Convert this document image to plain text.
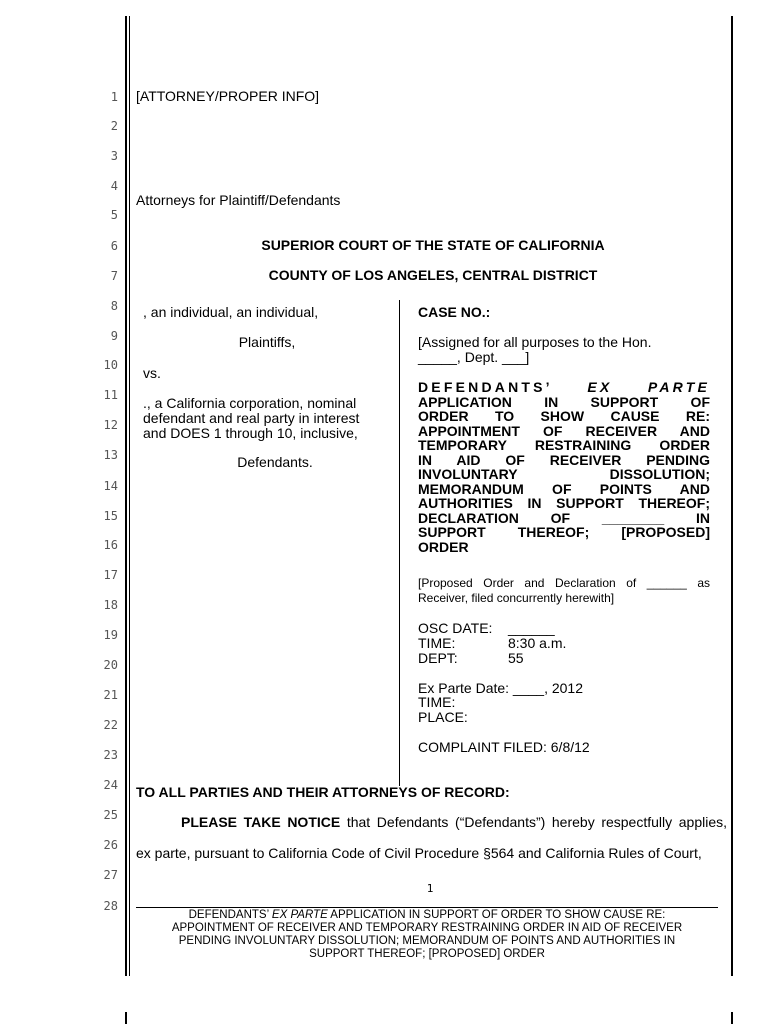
1
2
3
4
5
6
7
8
9
10
11
12
13
14
15
16
17
18
19
20
21
22
23
24
25
26
27
28
[ATTORNEY/PROPER INFO]
Attorneys for Plaintiff/Defendants
SUPERIOR COURT OF THE STATE OF CALIFORNIA
COUNTY OF LOS ANGELES, CENTRAL DISTRICT
, an individual, an individual,
Plaintiffs,
vs.
., a California corporation, nominal
defendant and real party in interest
and DOES 1 through 10, inclusive,
Defendants.
CASE NO.:
[Assigned for all purposes to the Hon.
_____, Dept. ___]
DEFENDANTS’	EX PARTE
APPLICATION IN SUPPORT OF
ORDER TO SHOW CAUSE RE:
APPOINTMENT OF RECEIVER AND
TEMPORARY RESTRAINING ORDER
IN AID OF RECEIVER PENDING
INVOLUNTARY DISSOLUTION;
MEMORANDUM OF POINTS AND
AUTHORITIES IN SUPPORT THEREOF;
DECLARATION OF ________ IN
SUPPORT THEREOF; [PROPOSED]
ORDER
[Proposed Order and Declaration of ______ as
Receiver, filed concurrently herewith]
OSC DATE: ______
TIME:	8:30 a.m.
DEPT:	55
Ex Parte Date: ____, 2012
TIME:
PLACE:
COMPLAINT FILED: 6/8/12
TO ALL PARTIES AND THEIR ATTORNEYS OF RECORD:
PLEASE TAKE NOTICE that Defendants (“Defendants”) hereby respectfully applies,
ex parte, pursuant to California Code of Civil Procedure §564 and California Rules of Court,
1
DEFENDANTS’ EX PARTE APPLICATION IN SUPPORT OF ORDER TO SHOW CAUSE RE:
APPOINTMENT OF RECEIVER AND TEMPORARY RESTRAINING ORDER IN AID OF RECEIVER
PENDING INVOLUNTARY DISSOLUTION; MEMORANDUM OF POINTS AND AUTHORITIES IN
SUPPORT THEREOF; [PROPOSED] ORDER
